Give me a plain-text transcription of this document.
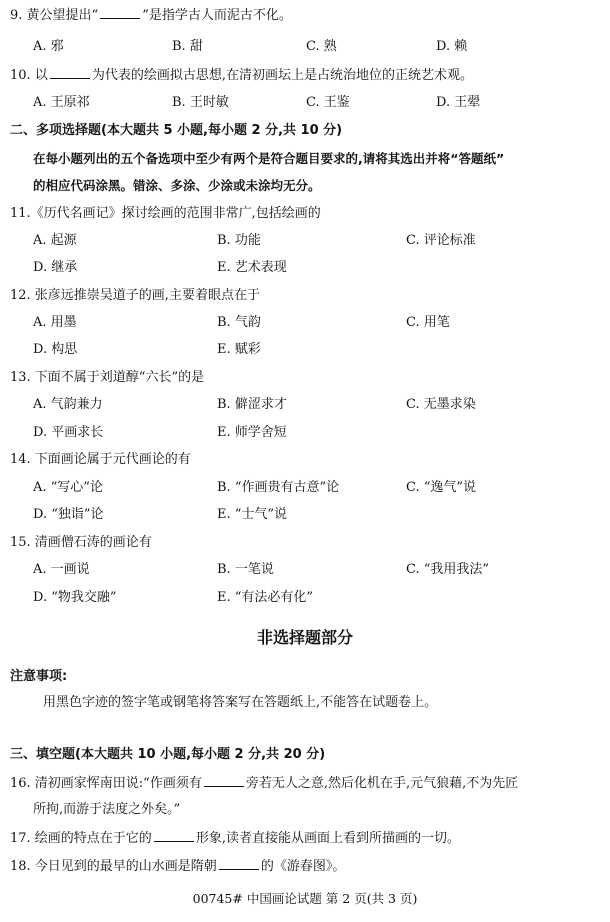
9. 黄公望提出“	”是指学古人而泥古不化。
A. 邪	B. 甜	C. 熟	D. 赖
10. 以	为代表的绘画拟古思想,在清初画坛上是占统治地位的正统艺术观。
A. 王原祁	B. 王时敏	C. 王鉴	D. 王翚
二、多项选择题(本大题共 5 小题,每小题 2 分,共 10 分)
在每小题列出的五个备选项中至少有两个是符合题目要求的,请将其选出并将“答题纸”
的相应代码涂黑。错涂、多涂、少涂或未涂均无分。
11.《历代名画记》探讨绘画的范围非常广,包括绘画的
A. 起源	B. 功能	C. 评论标准
D. 继承	E. 艺术表现
12. 张彦远推崇吴道子的画,主要着眼点在于
A. 用墨	B. 气韵	C. 用笔
D. 构思	E. 赋彩
13. 下面不属于刘道醇“六长”的是
A. 气韵兼力	B. 僻涩求才	C. 无墨求染
D. 平画求长	E. 师学舍短
14. 下面画论属于元代画论的有
A. “写心”论	B. “作画贵有古意”论	C. “逸气”说
D. “独诣”论	E. “士气”说
15. 清画僧石涛的画论有
A. 一画说	B. 一笔说	C. “我用我法”
D. “物我交融”	E. “有法必有化”
非选择题部分
注意事项:
用黑色字迹的签字笔或钢笔将答案写在答题纸上,不能答在试题卷上。
三、填空题(本大题共 10 小题,每小题 2 分,共 20 分)
16. 清初画家恽南田说:“作画须有	旁若无人之意,然后化机在手,元气狼藉,不为先匠
所拘,而游于法度之外矣。”
17. 绘画的特点在于它的	形象,读者直接能从画面上看到所描画的一切。
18. 今日见到的最早的山水画是隋朝	的《游春图》。
00745# 中国画论试题 第 2 页(共 3 页)
